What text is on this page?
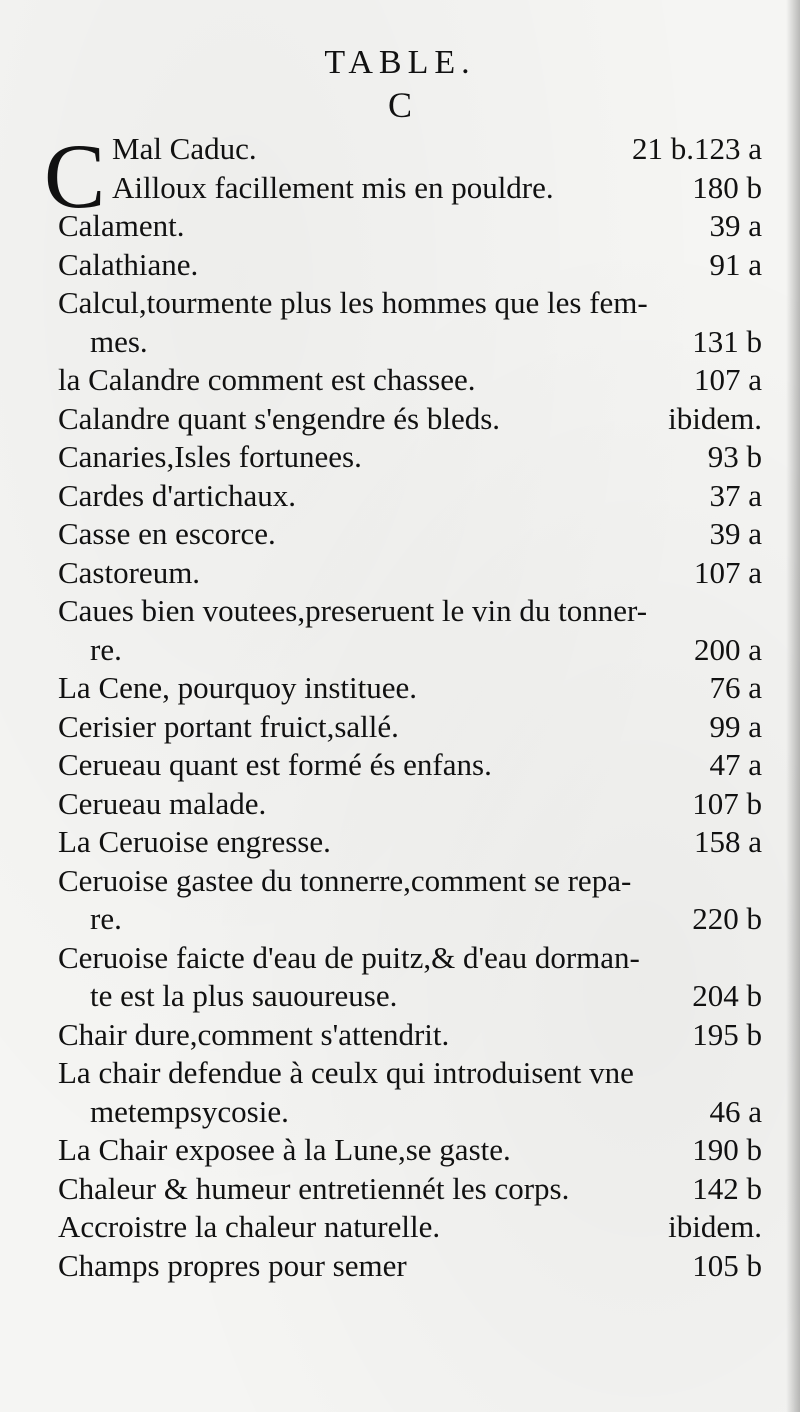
TABLE.
C
C Mal Caduc.	21 b.123 a
Ailloux facillement mis en pouldre.	180 b
Calament.	39 a
Calathiane.	91 a
Calcul,tourmente plus les hommes que les fem-
mes.	131 b
la Calandre comment est chassee.	107 a
Calandre quant s'engendre és bleds.	ibidem.
Canaries,Isles fortunees.	93 b
Cardes d'artichaux.	37 a
Casse en escorce.	39 a
Castoreum.	107 a
Caues bien voutees,preseruent le vin du tonner-
re.	200 a
La Cene, pourquoy instituee.	76 a
Cerisier portant fruict,sallé.	99 a
Cerueau quant est formé és enfans.	47 a
Cerueau malade.	107 b
La Ceruoise engresse.	158 a
Ceruoise gastee du tonnerre,comment se repa-
re.	220 b
Ceruoise faicte d'eau de puitz,& d'eau dorman-
te est la plus sauoureuse.	204 b
Chair dure,comment s'attendrit.	195 b
La chair defendue à ceulx qui introduisent vne
metempsycosie.	46 a
La Chair exposee à la Lune,se gaste.	190 b
Chaleur & humeur entretiennét les corps.	142 b
Accroistre la chaleur naturelle.	ibidem.
Champs propres pour semer	105 b
